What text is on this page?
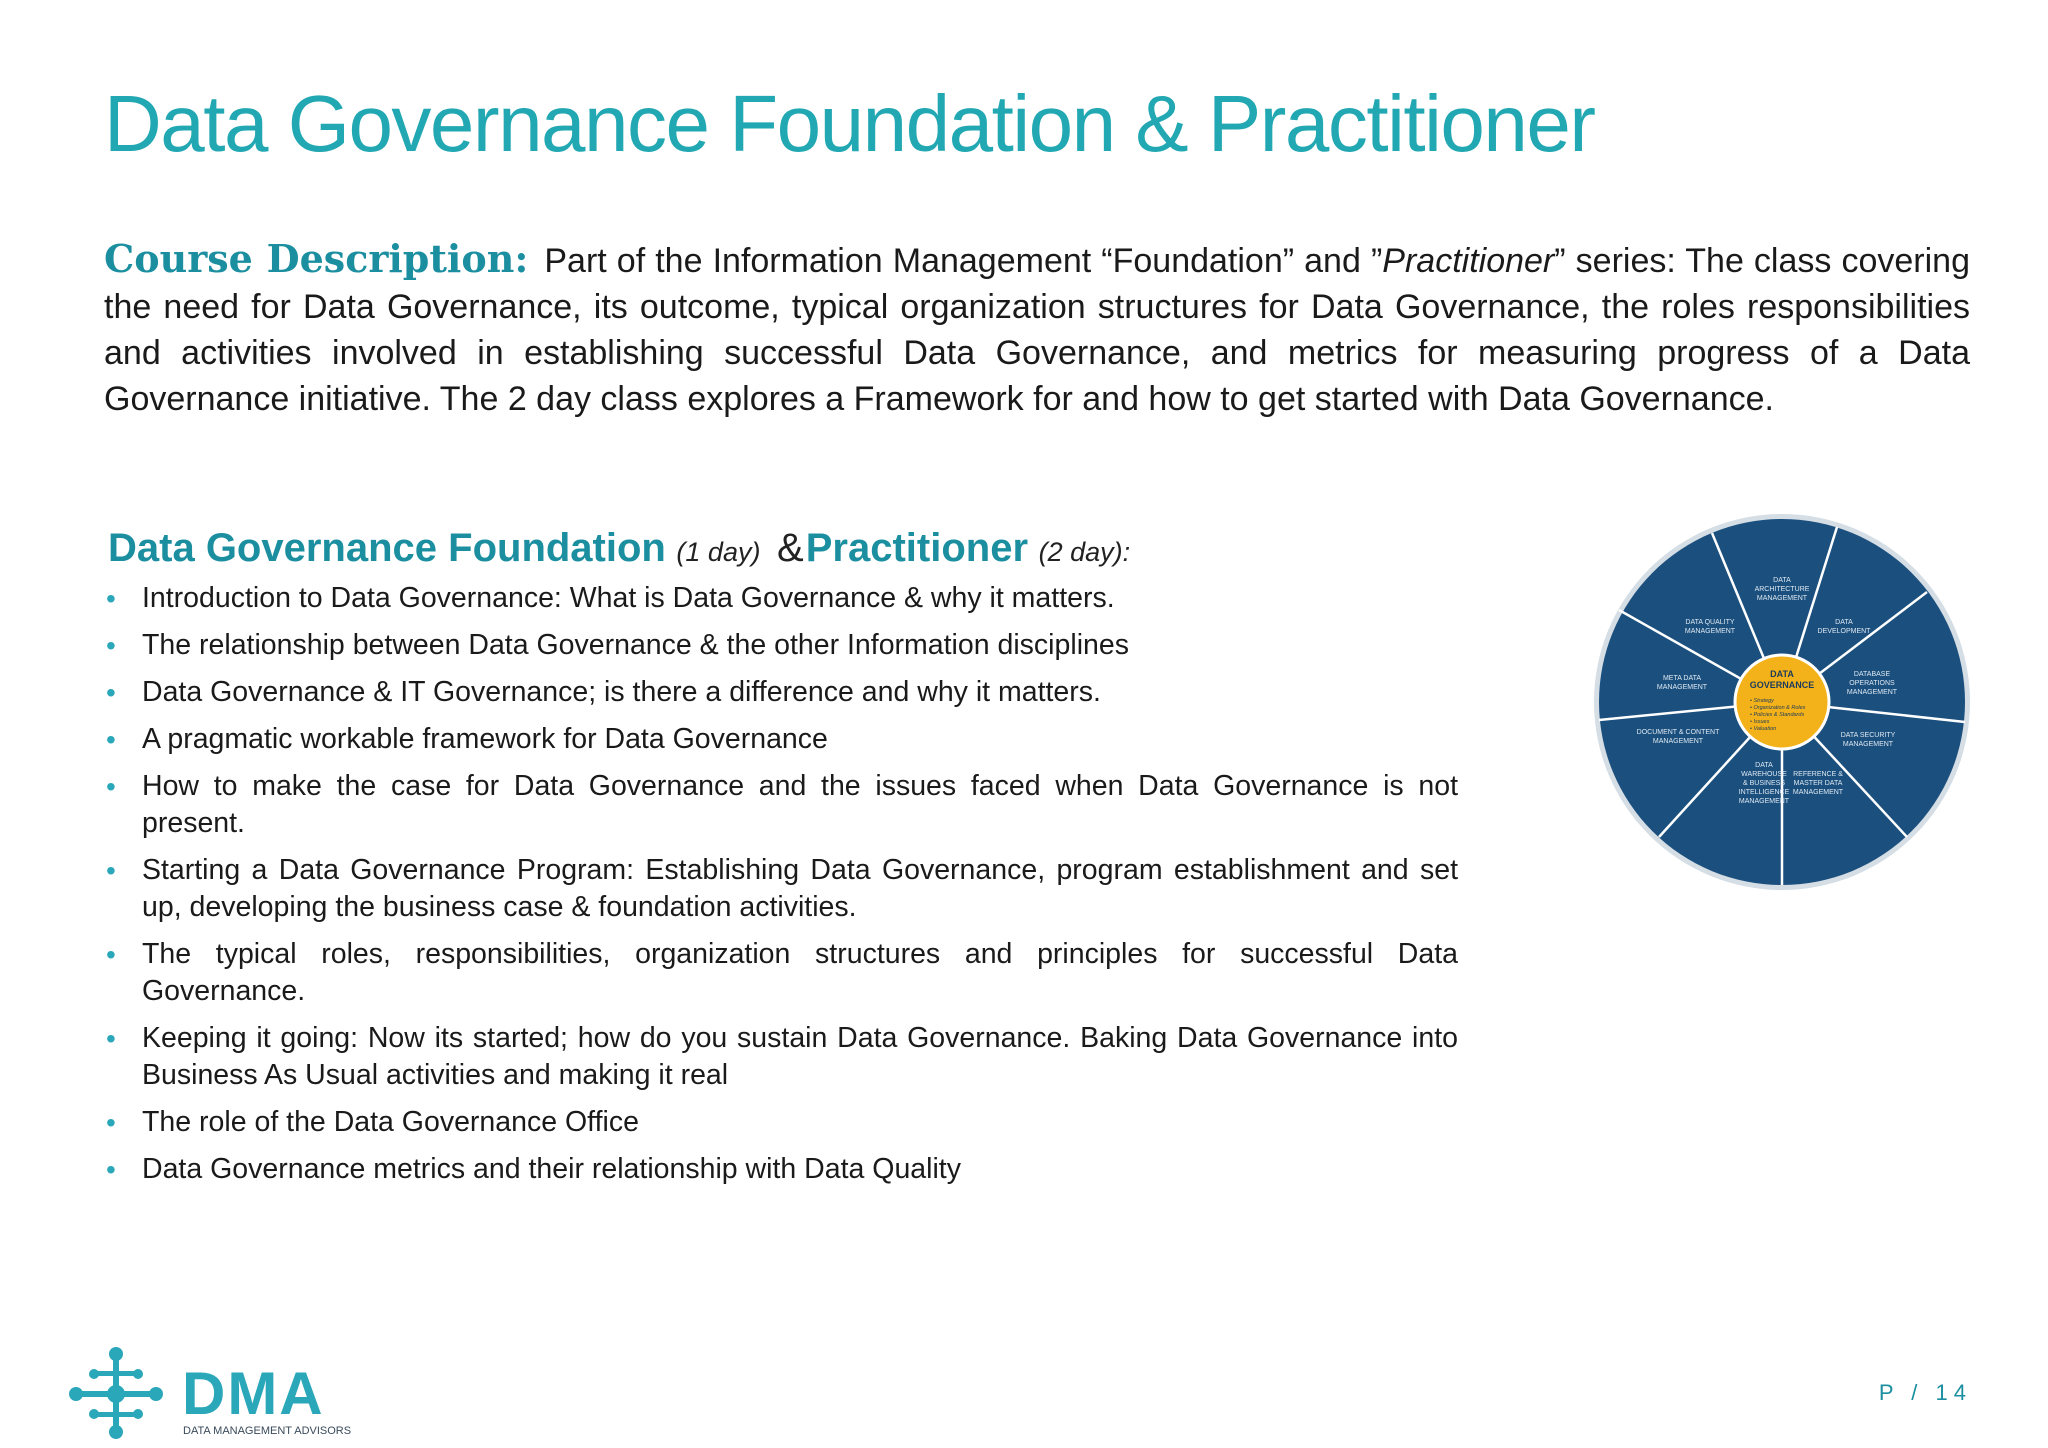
Data Governance Foundation & Practitioner
Course Description: Part of the Information Management “Foundation” and ”Practitioner” series: The class covering the need for Data Governance, its outcome, typical organization structures for Data Governance, the roles responsibilities and activities involved in establishing successful Data Governance, and metrics for measuring progress of a Data Governance initiative. The 2 day class explores a Framework for and how to get started with Data Governance.
Data Governance Foundation (1 day) &Practitioner (2 day):
• Introduction to Data Governance: What is Data Governance & why it matters.
• The relationship between Data Governance & the other Information disciplines
• Data Governance & IT Governance; is there a difference and why it matters.
• A pragmatic workable framework for Data Governance
• How to make the case for Data Governance and the issues faced when Data Governance is not present.
• Starting a Data Governance Program: Establishing Data Governance, program establishment and set up, developing the business case & foundation activities.
• The typical roles, responsibilities, organization structures and principles for successful Data Governance.
• Keeping it going: Now its started; how do you sustain Data Governance. Baking Data Governance into Business As Usual activities and making it real
• The role of the Data Governance Office
• Data Governance metrics and their relationship with Data Quality
DATA
GOVERNANCE
• Strategy
• Organization & Roles
• Policies & Standards
• Issues
• Valuation
DATA
ARCHITECTURE
MANAGEMENT
DATA
DEVELOPMENT
DATABASE
OPERATIONS
MANAGEMENT
DATA SECURITY
MANAGEMENT
REFERENCE &
MASTER DATA
MANAGEMENT
DATA
WAREHOUSE
& BUSINESS
INTELLIGENCE
MANAGEMENT
DOCUMENT & CONTENT
MANAGEMENT
META DATA
MANAGEMENT
DATA QUALITY
MANAGEMENT
DMA
DATA MANAGEMENT ADVISORS
P / 14
